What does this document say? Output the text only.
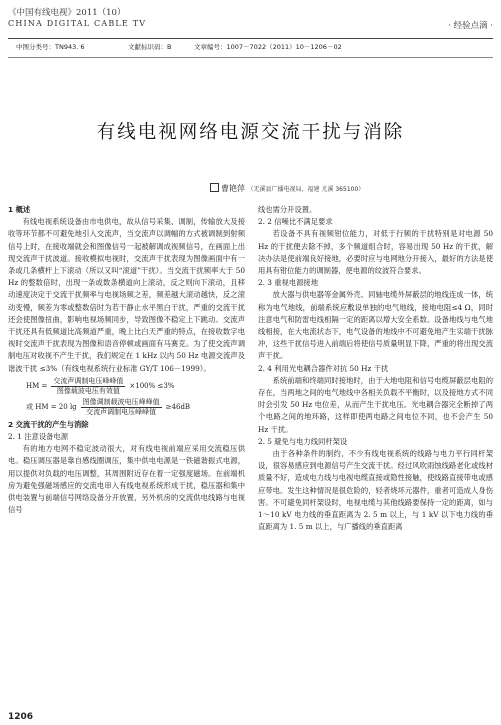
《中国有线电视》2011（10）
CHINA DIGITAL CABLE TV	· 经验点滴 ·
中图分类号：TN943. 6	文献标识码：B	文章编号：1007－7022（2011）10－1206－02
有线电视网络电源交流干扰与消除
曹艳萍 （无溪县广播电视局，福建 尤溪 365100）
1 概述

有线电视系统设备由市电供电，故从信号采集、调制，传输放大及接收等环节都不可避免地引入交流声，当交流声以调幅的方式被调制到射频信号上时，在接收端就会和图像信号一起被解调成视频信号，在画面上出现交流声干扰波道。接收模拟电视时，交流声干扰表现为图像画面中有一条或几条横杆上下滚动（所以又叫“滚道”干扰）。当交流干扰频率大于 50 Hz 的整数倍时，出现一条或数条横道向上滚动，反之则向下滚动，且移动速度决定于交流干扰频率与电视场频之差，频差越大滚动越快，反之滚动变慢，频差为零或整数倍时为若干静止水平黑白干扰，严重的交流干扰还会使图像扭曲，影响电视场频同步，导致图像不稳定上下跳动。交流声干扰还具有低频道比高频道严重，晚上比白天严重的特点，在接收数字电视时交流声干扰表现为图像和语音停顿或画面有马赛克。为了使交流声调制电压对收视不产生干扰，我们规定在 1 kHz 以内 50 Hz 电源交流声及谐波干扰 ≤3%（有线电视系统行业标准 GY/T 106－1999）。

HM =	$\frac{\text{交流声调制电压峰峰值}}{\text{图像载波电压有效值}}$	×100% ≤3%
或 HM = 20 lg	$\frac{\text{图像调制载波电压峰峰值}}{\text{交流声调制电压峰峰值}}$	≥46dB
2 交流干扰的产生与消除
2. 1 注意设备电源

有的地方电网不稳定波动很大，对有线电视前端应采用交流稳压供电。稳压调压器是靠自感线圈调压，集中供电电源是一铁磁谐振式电源，用以提供对负载的电压调整，其周围附近存在着一定强度磁场。在前端机房为避免强磁场感应的交流电串入有线电视系统形成干扰，稳压器和集中供电装置与前端信号网络设备分开放置，另外机房的交流供电线路与电视信号

线也需分开设置。
2. 2 信噪比不满足要求

若设备不具有视频钳位能力，对低于行频的干扰特别是对电源 50 Hz 的干扰便去除不掉，多个频道组合时，容易出现 50 Hz 的干扰，解决办法是使前端良好接地，必要时应与电网地分开接入，最好的方法是使用具有钳位能力的调制器，使电源的纹波符合要求。

2. 3 重视电源接地

放大器与供电器等金属外壳、同轴电缆外屏蔽层的地线连成一体，统称为电气地线，前端系统应敷设单独的电气地线，接地电阻≤4 Ω，同时注意电气和防雷电线相隔一定的距离以增大安全系数。设备地线与电气地线相接，在大电流状态下，电气设备的地线中不可避免地产生实端干扰脉冲，这些干扰信号进入前端后将使信号质量明显下降，严重的将出现交流声干扰。

2. 4 利用光电耦合器件对抗 50 Hz 干扰

系统前端和终端同时接地时，由于大地电阻和信号电缆屏蔽层电阻的存在，当两地之间的电气地线中各相关负载不平衡时，以及接地方式不同时会引发 50 Hz 电位差，从而产生干扰电压。光电耦合器完全断掉了两个电路之间的地环路，这样即使两电路之间电位不同，也不会产生 50 Hz 干扰。

2. 5 避免与电力线同杆架设

由于各种条件的制约，不少有线电视系统的线路与电力平行同杆架设，很容易感应到电源信号产生交流干扰。经过风吹雨蚀线路老化或线材质量不好，造成电力线与电视电缆直接或隐性接触，使线路直接带电或感应带电。发生这种情况是很危险的，轻者烧坏元器件，重者可造成人身伤害。不可避免同杆架设时，电视电缆与其他线路要保持一定的距离，如与 1～10 kV 电力线的垂直距离为 2. 5 m 以上，与 1 kV 以下电力线的垂直距离为 1. 5 m 以上，与广播线的垂直距离

1206
